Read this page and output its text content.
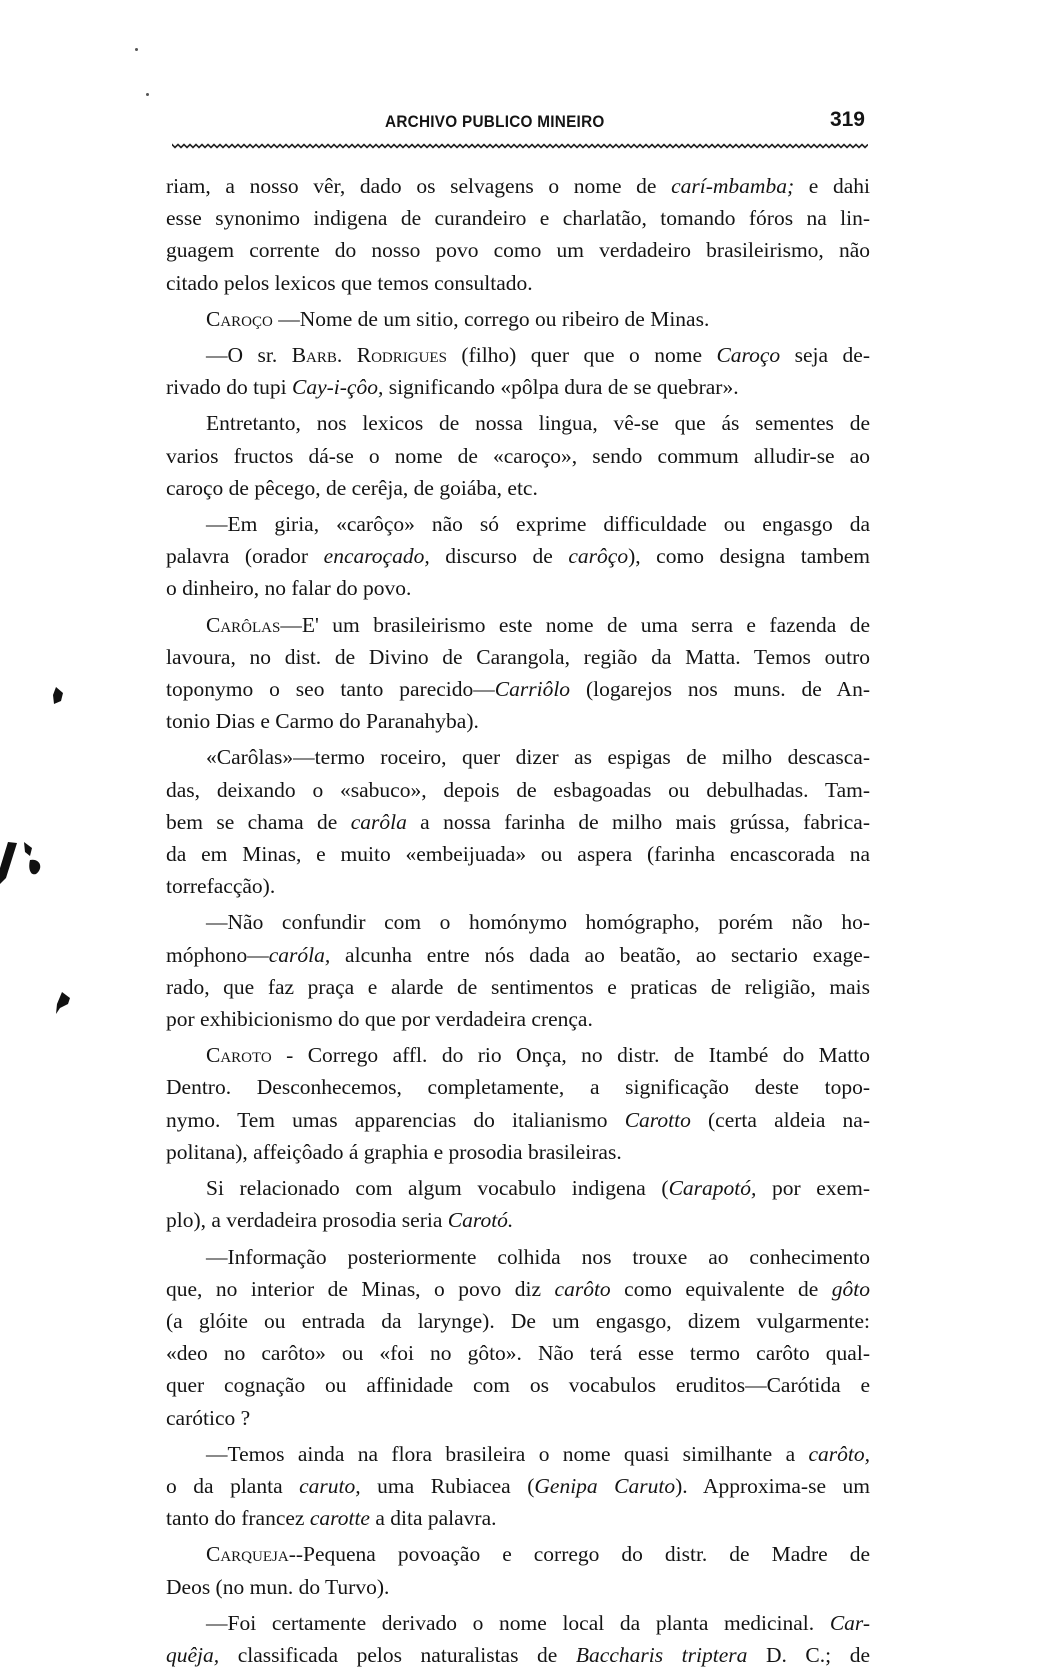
ARCHIVO PUBLICO MINEIRO	319
riam, a nosso vêr, dado os selvagens o nome de carí-mbamba; e dahi
esse synonimo indigena de curandeiro e charlatão, tomando fóros na lin-
guagem corrente do nosso povo como um verdadeiro brasileirismo, não
citado pelos lexicos que temos consultado.
Caroço —Nome de um sitio, corrego ou ribeiro de Minas.
—O sr. Barb. Rodrigues (filho) quer que o nome Caroço seja de-
rivado do tupi Cay-i-çôo, significando «pôlpa dura de se quebrar».
Entretanto, nos lexicos de nossa lingua, vê-se que ás sementes de
varios fructos dá-se o nome de «caroço», sendo commum alludir-se ao
caroço de pêcego, de cerêja, de goiába, etc.
—Em giria, «carôço» não só exprime difficuldade ou engasgo da
palavra (orador encaroçado, discurso de carôço), como designa tambem
o dinheiro, no falar do povo.
Carôlas—E' um brasileirismo este nome de uma serra e fazenda de
lavoura, no dist. de Divino de Carangola, região da Matta. Temos outro
toponymo o seo tanto parecido—Carriôlo (logarejos nos muns. de An-
tonio Dias e Carmo do Paranahyba).
«Carôlas»—termo roceiro, quer dizer as espigas de milho descasca-
das, deixando o «sabuco», depois de esbagoadas ou debulhadas. Tam-
bem se chama de carôla a nossa farinha de milho mais grússa, fabrica-
da em Minas, e muito «embeijuada» ou aspera (farinha encascorada na
torrefacção).
—Não confundir com o homónymo homógrapho, porém não ho-
móphono—caróla, alcunha entre nós dada ao beatão, ao sectario exage-
rado, que faz praça e alarde de sentimentos e praticas de religião, mais
por exhibicionismo do que por verdadeira crença.
Caroto - Corrego affl. do rio Onça, no distr. de Itambé do Matto
Dentro. Desconhecemos, completamente, a significação deste topo-
nymo. Tem umas apparencias do italianismo Carotto (certa aldeia na-
politana), affeiçôado á graphia e prosodia brasileiras.
Si relacionado com algum vocabulo indigena (Carapotó, por exem-
plo), a verdadeira prosodia seria Carotó.
—Informação posteriormente colhida nos trouxe ao conhecimento
que, no interior de Minas, o povo diz carôto como equivalente de gôto
(a glóite ou entrada da larynge). De um engasgo, dizem vulgarmente:
«deo no carôto» ou «foi no gôto». Não terá esse termo carôto qual-
quer cognação ou affinidade com os vocabulos eruditos—Carótida e
carótico ?
—Temos ainda na flora brasileira o nome quasi similhante a carôto,
o da planta caruto, uma Rubiacea (Genipa Caruto). Approxima-se um
tanto do francez carotte a dita palavra.
Carqueja--Pequena povoação e corrego do distr. de Madre de
Deos (no mun. do Turvo).
—Foi certamente derivado o nome local da planta medicinal. Car-
quêja, classificada pelos naturalistas de Baccharis triptera D. C.; de
